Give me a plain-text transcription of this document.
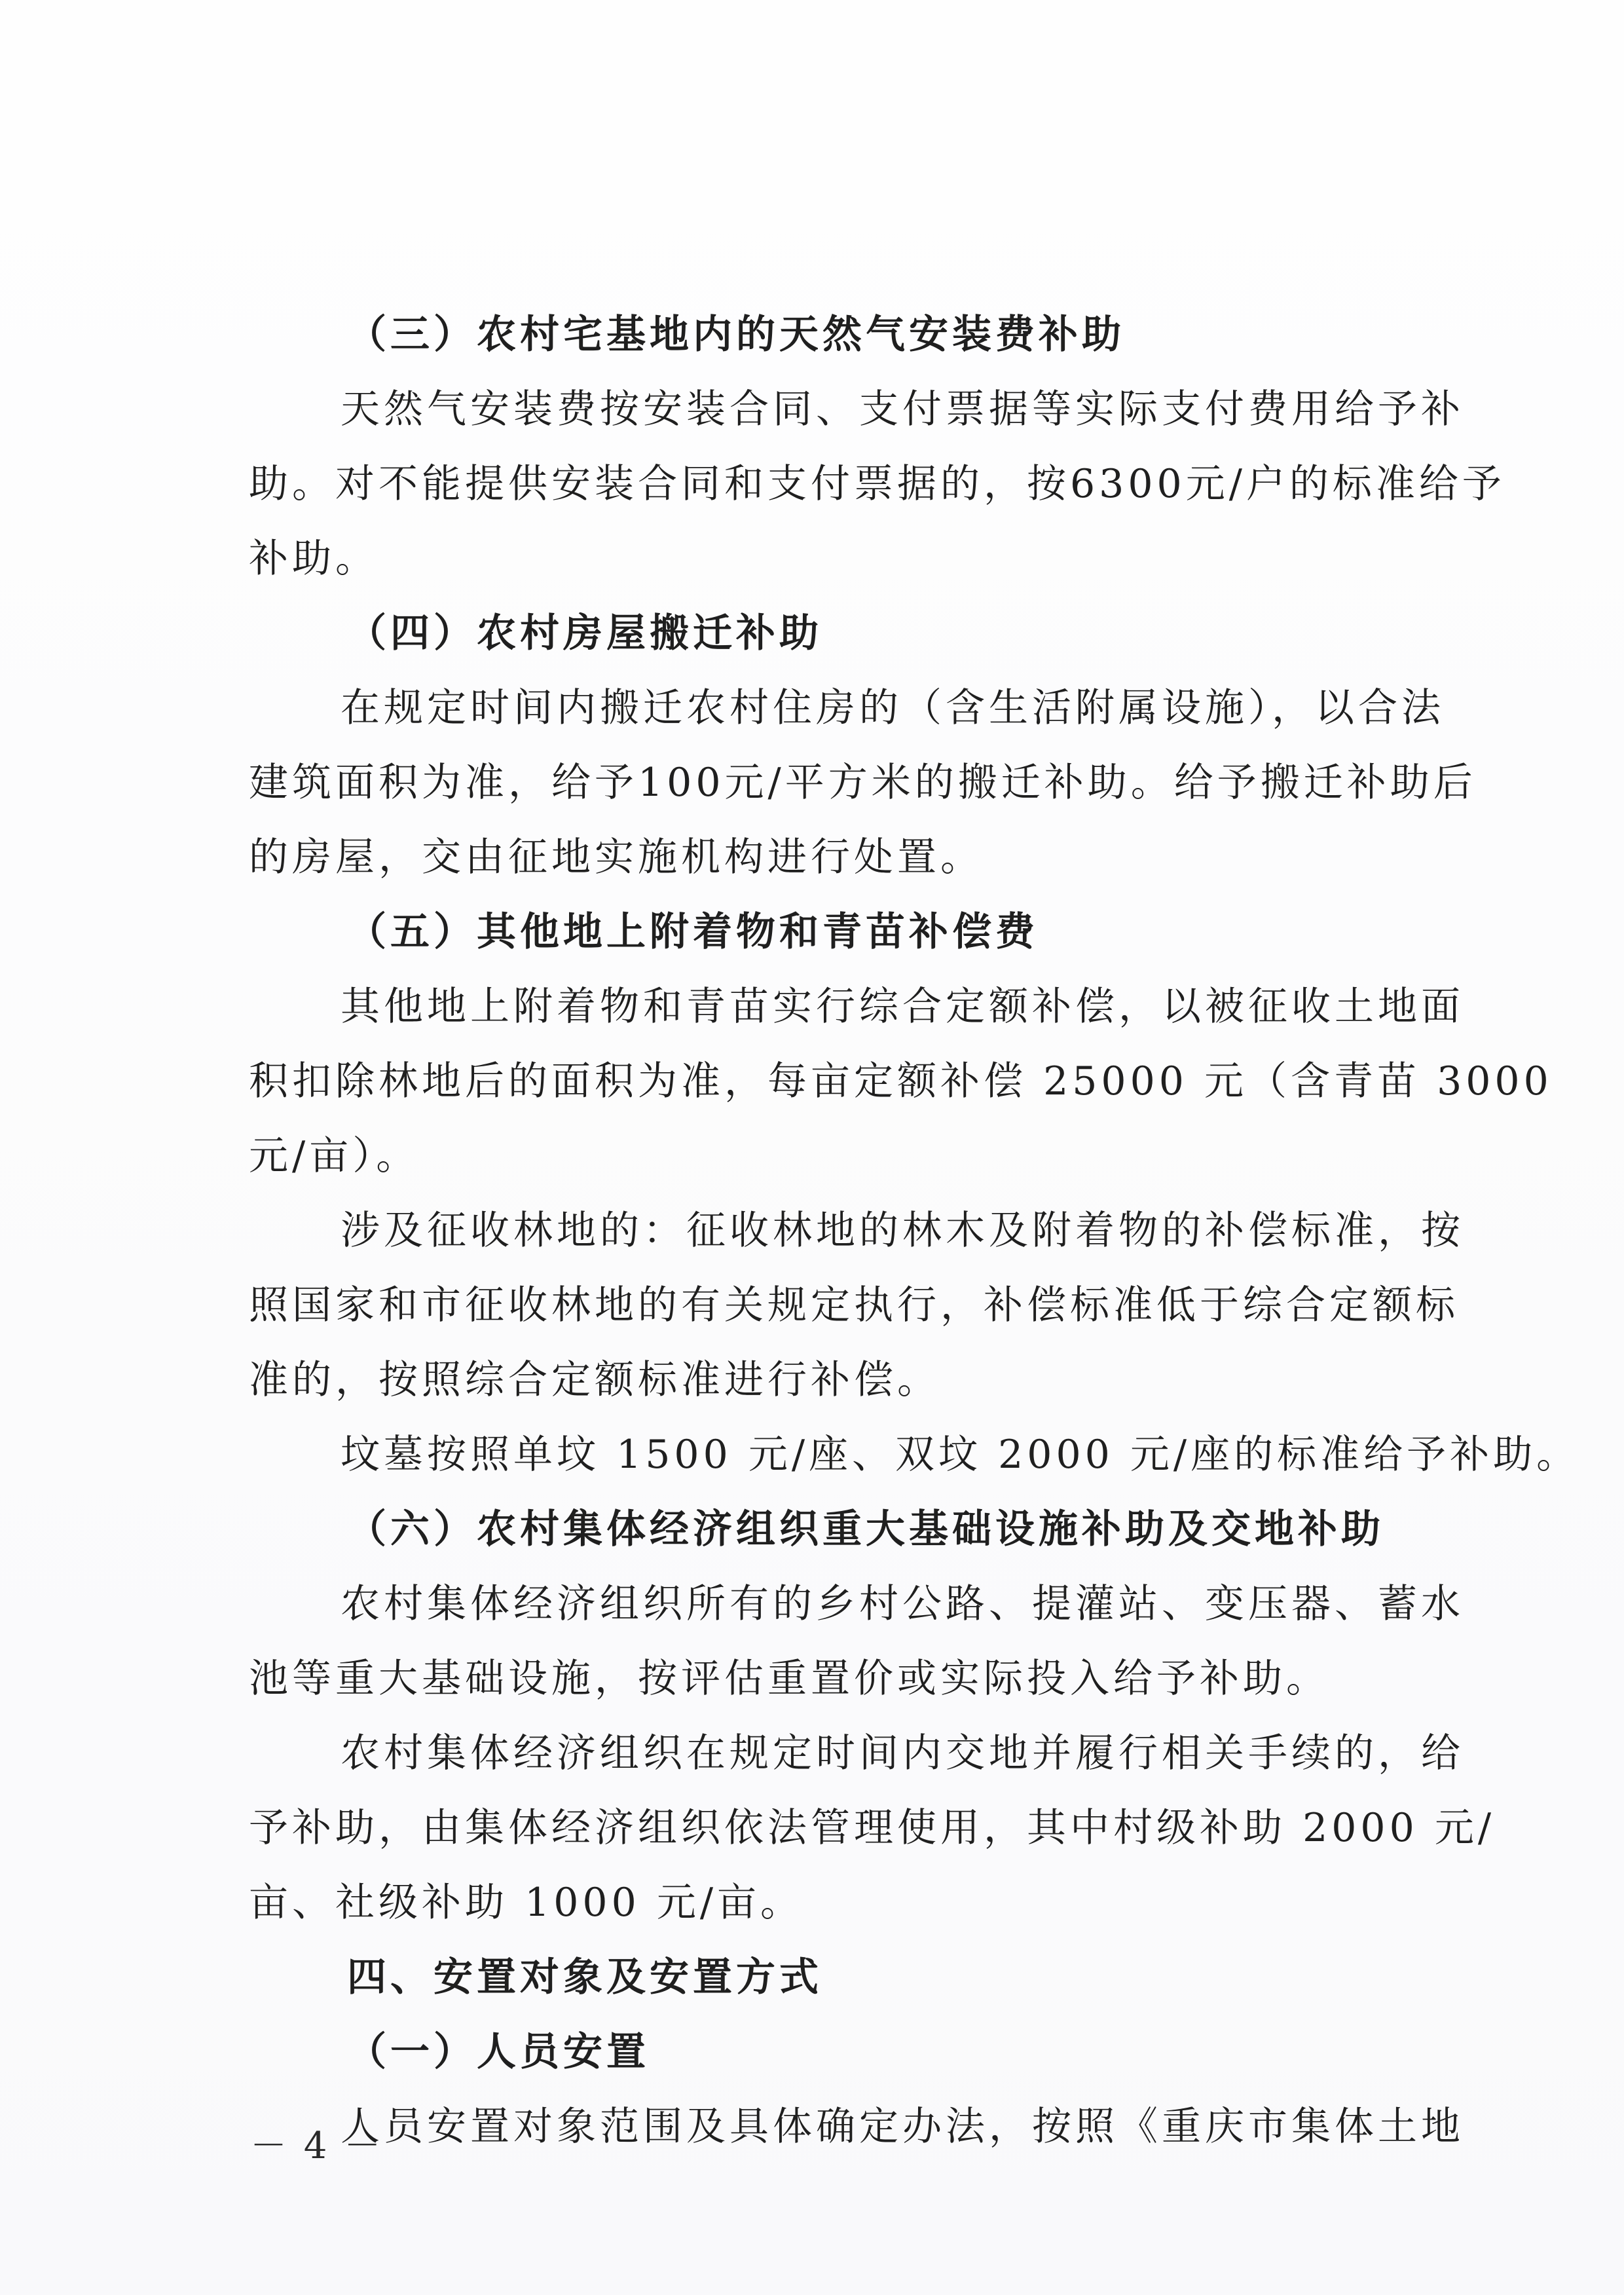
（三）农村宅基地内的天然气安装费补助
天然气安装费按安装合同、支付票据等实际支付费用给予补
助。对不能提供安装合同和支付票据的，按6300元/户的标准给予
补助。
（四）农村房屋搬迁补助
在规定时间内搬迁农村住房的（含生活附属设施），以合法
建筑面积为准，给予100元/平方米的搬迁补助。给予搬迁补助后
的房屋，交由征地实施机构进行处置。
（五）其他地上附着物和青苗补偿费
其他地上附着物和青苗实行综合定额补偿，以被征收土地面
积扣除林地后的面积为准，每亩定额补偿 25000 元（含青苗 3000
元/亩）。
涉及征收林地的：征收林地的林木及附着物的补偿标准，按
照国家和市征收林地的有关规定执行，补偿标准低于综合定额标
准的，按照综合定额标准进行补偿。
坟墓按照单坟 1500 元/座、双坟 2000 元/座的标准给予补助。
（六）农村集体经济组织重大基础设施补助及交地补助
农村集体经济组织所有的乡村公路、提灌站、变压器、蓄水
池等重大基础设施，按评估重置价或实际投入给予补助。
农村集体经济组织在规定时间内交地并履行相关手续的，给
予补助，由集体经济组织依法管理使用，其中村级补助 2000 元/
亩、社级补助 1000 元/亩。
四、安置对象及安置方式
（一）人员安置
人员安置对象范围及具体确定办法，按照《重庆市集体土地
－ 4 －
